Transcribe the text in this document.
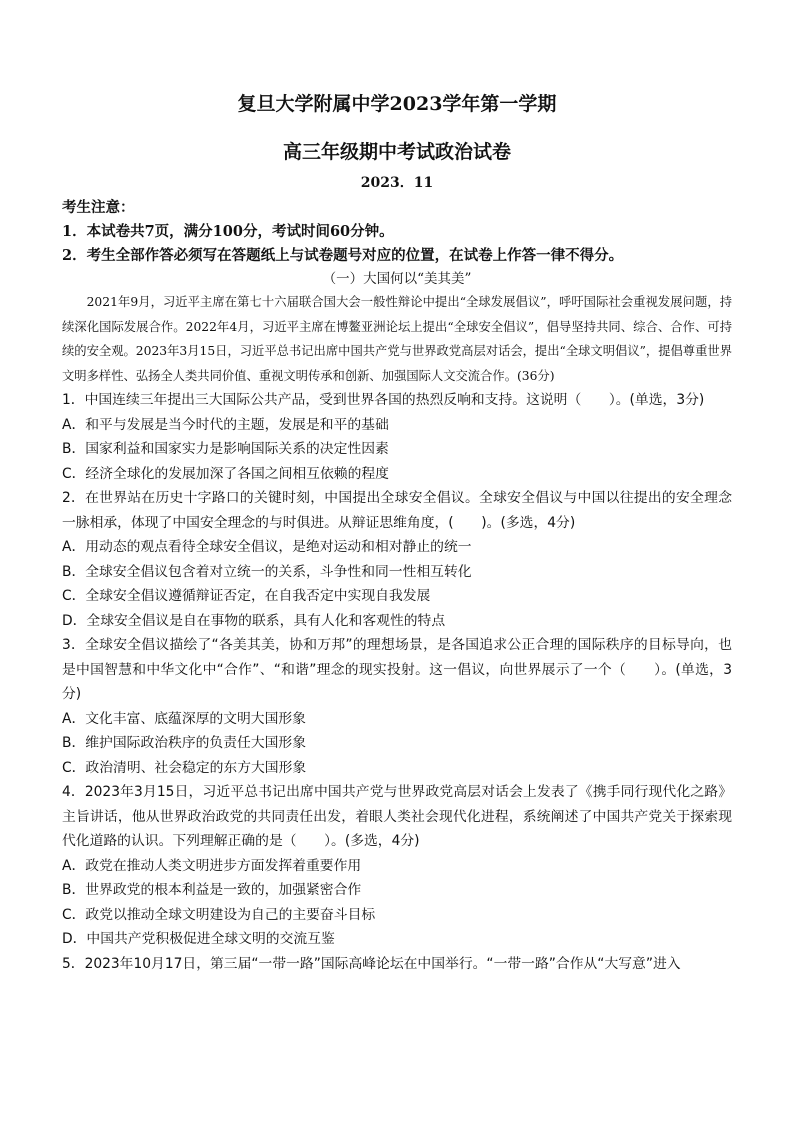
复旦大学附属中学2023学年第一学期
高三年级期中考试政治试卷
2023．11
考生注意：
1．本试卷共7页，满分100分，考试时间60分钟。
2．考生全部作答必须写在答题纸上与试卷题号对应的位置，在试卷上作答一律不得分。
（一）大国何以“美其美”
2021年9月，习近平主席在第七十六届联合国大会一般性辩论中提出“全球发展倡议”，呼吁国际社会重视发展问题，持续深化国际发展合作。2022年4月，习近平主席在博鳌亚洲论坛上提出“全球安全倡议”，倡导坚持共同、综合、合作、可持续的安全观。2023年3月15日，习近平总书记出席中国共产党与世界政党高层对话会，提出“全球文明倡议”，提倡尊重世界文明多样性、弘扬全人类共同价值、重视文明传承和创新、加强国际人文交流合作。(36分)
1．中国连续三年提出三大国际公共产品，受到世界各国的热烈反响和支持。这说明（　　）。(单选，3分)
A．和平与发展是当今时代的主题，发展是和平的基础
B．国家利益和国家实力是影响国际关系的决定性因素
C．经济全球化的发展加深了各国之间相互依赖的程度
2．在世界站在历史十字路口的关键时刻，中国提出全球安全倡议。全球安全倡议与中国以往提出的安全理念一脉相承，体现了中国安全理念的与时俱进。从辩证思维角度，(　　)。(多选，4分)
A．用动态的观点看待全球安全倡议，是绝对运动和相对静止的统一
B．全球安全倡议包含着对立统一的关系，斗争性和同一性相互转化
C．全球安全倡议遵循辩证否定，在自我否定中实现自我发展
D．全球安全倡议是自在事物的联系，具有人化和客观性的特点
3．全球安全倡议描绘了“各美其美，协和万邦”的理想场景，是各国追求公正合理的国际秩序的目标导向，也是中国智慧和中华文化中“合作”、“和谐”理念的现实投射。这一倡议，向世界展示了一个（　　）。(单选，3分)
A．文化丰富、底蕴深厚的文明大国形象
B．维护国际政治秩序的负责任大国形象
C．政治清明、社会稳定的东方大国形象
4．2023年3月15日，习近平总书记出席中国共产党与世界政党高层对话会上发表了《携手同行现代化之路》主旨讲话，他从世界政治政党的共同责任出发，着眼人类社会现代化进程，系统阐述了中国共产党关于探索现代化道路的认识。下列理解正确的是（　　）。(多选，4分)
A．政党在推动人类文明进步方面发挥着重要作用
B．世界政党的根本利益是一致的，加强紧密合作
C．政党以推动全球文明建设为自己的主要奋斗目标
D．中国共产党积极促进全球文明的交流互鉴
5．2023年10月17日，第三届“一带一路”国际高峰论坛在中国举行。“一带一路”合作从“大写意”进入
